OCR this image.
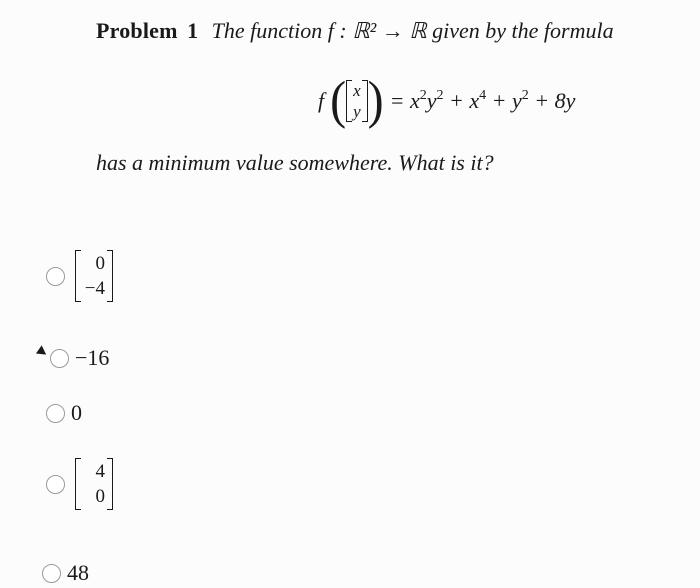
Problem 1 The function f : ℝ² → ℝ given by the formula
f ( x
y ) = $x^2y^2 + x^4 + y^2 + 8y$
has a minimum value somewhere. What is it?
0
−4
−16
0
4
0
48
